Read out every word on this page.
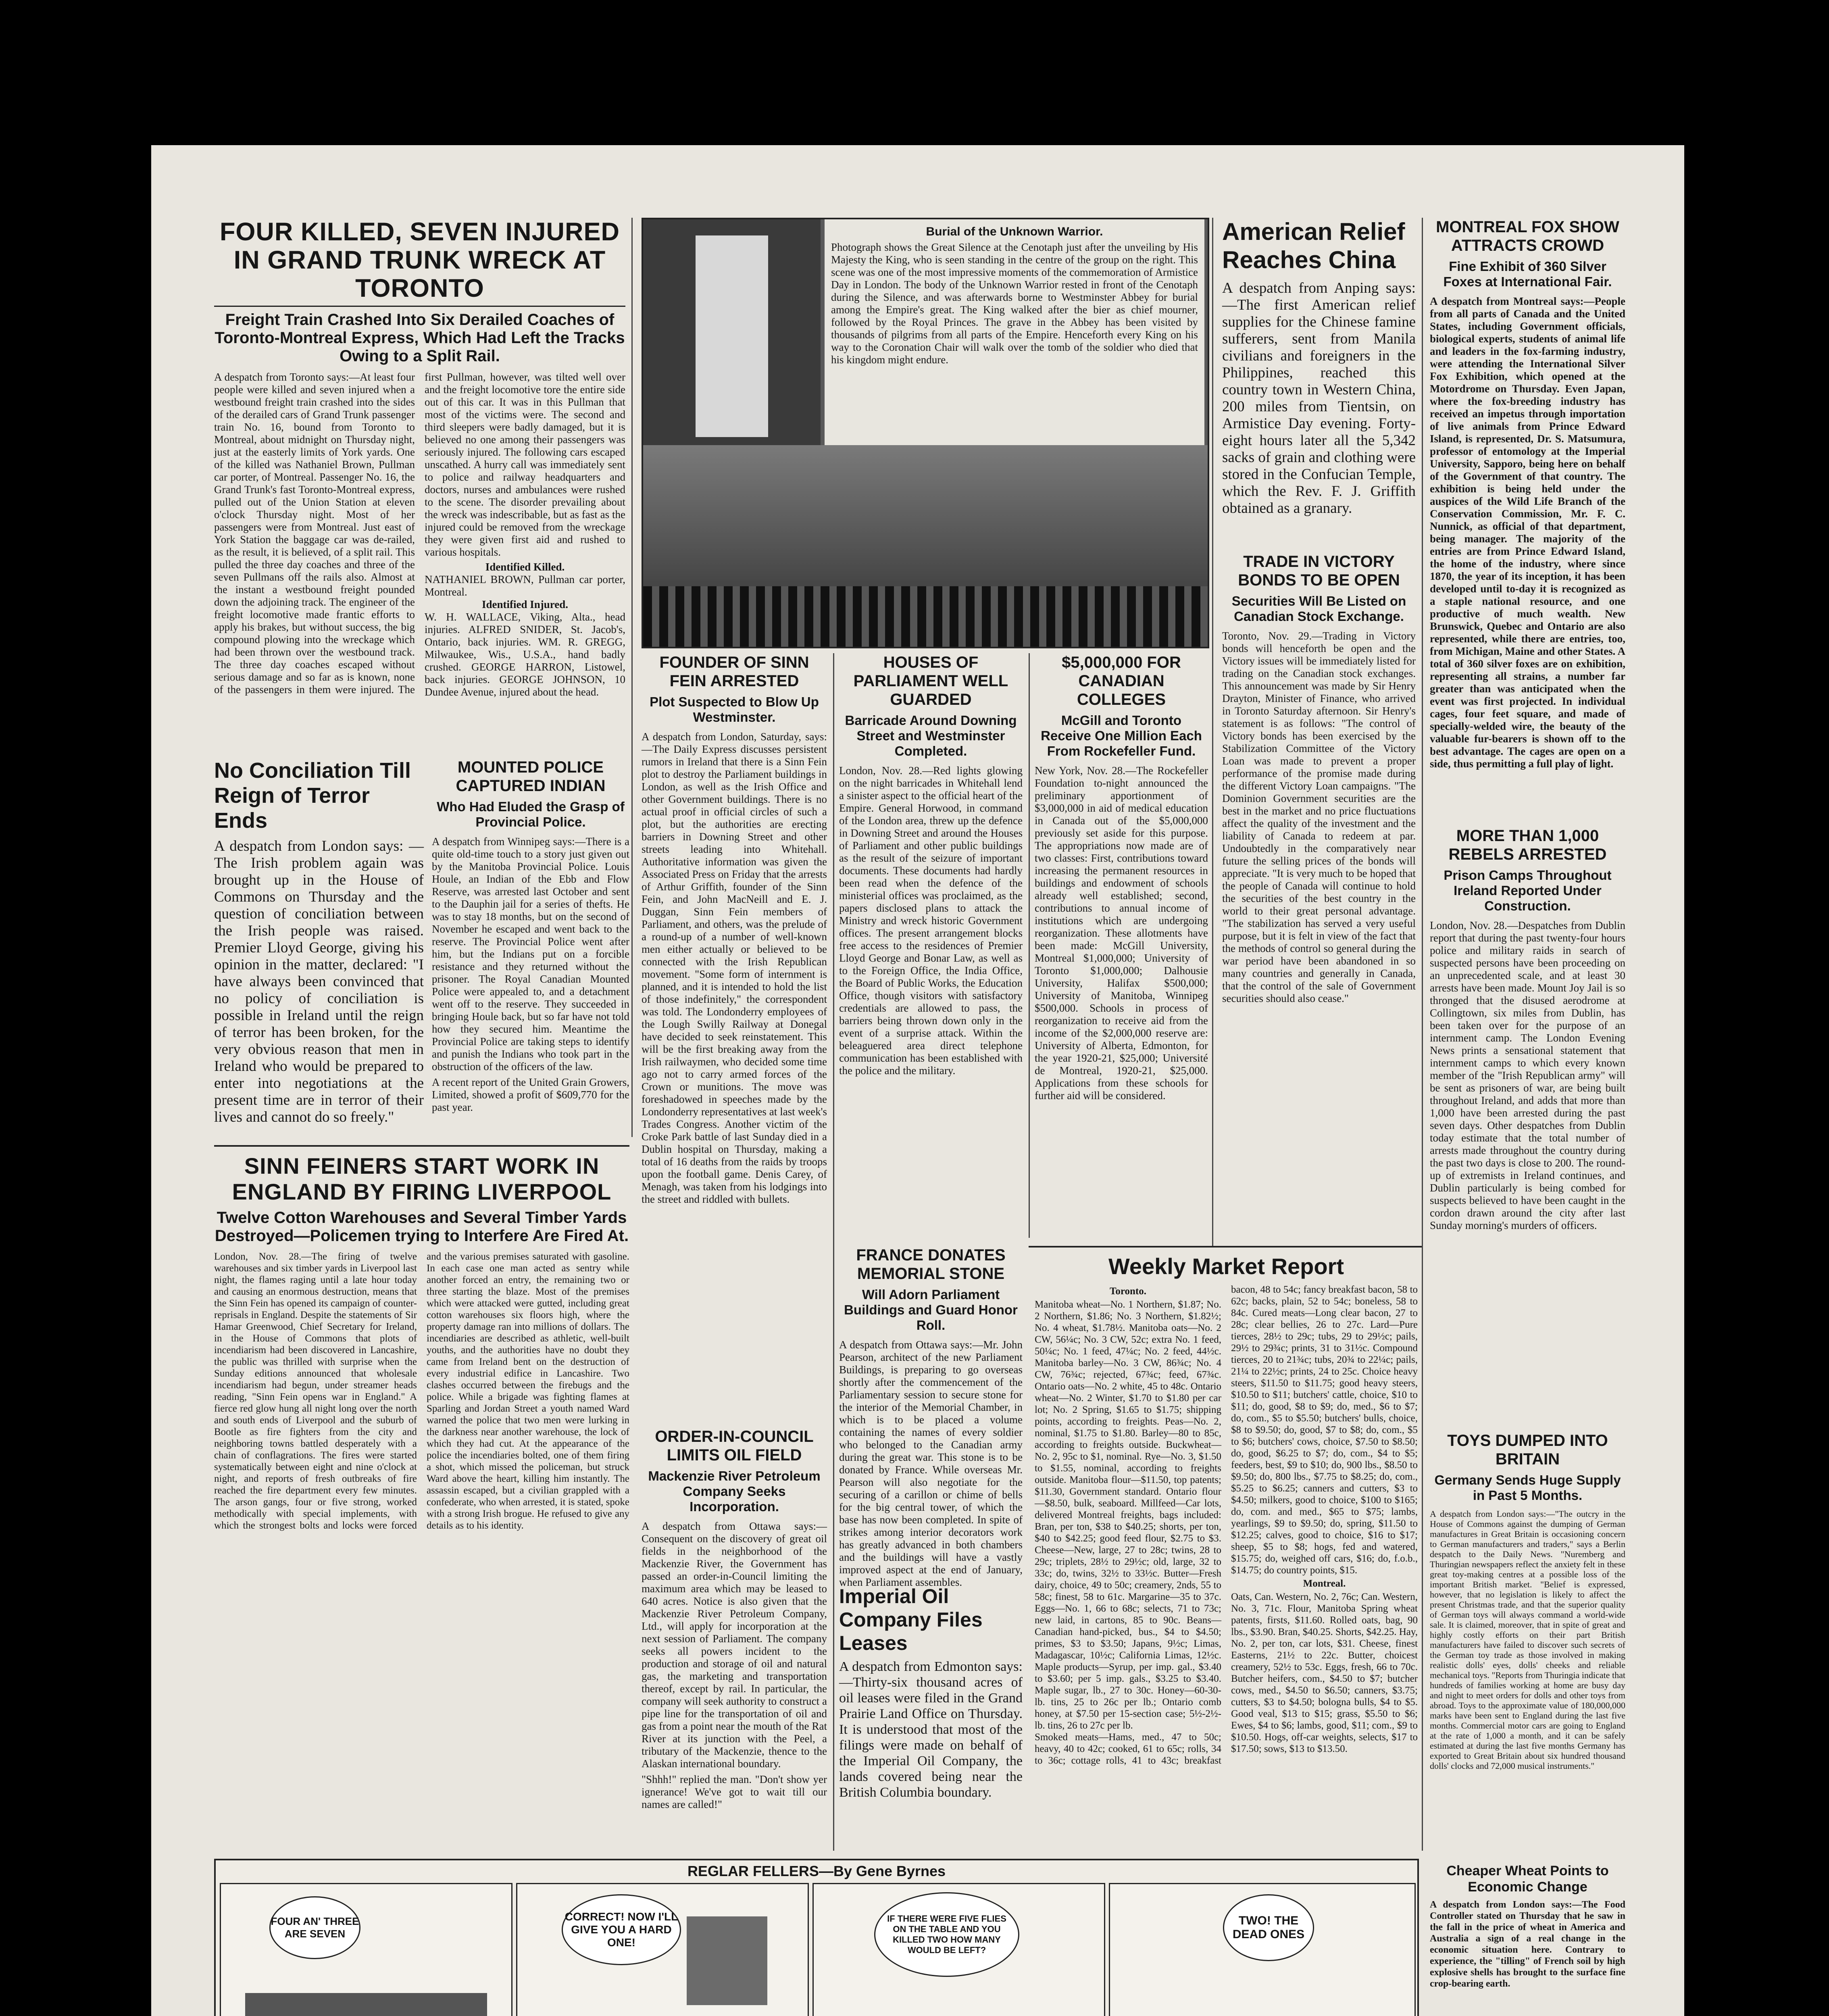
FOUR KILLED, SEVEN INJURED IN GRAND TRUNK WRECK AT TORONTO

Freight Train Crashed Into Six Derailed Coaches of Toronto-Montreal Express, Which Had Left the Tracks Owing to a Split Rail.

A despatch from Toronto says:—At least four people were killed and seven injured when a westbound freight train crashed into the sides of the derailed cars of Grand Trunk passenger train No. 16, bound from Toronto to Montreal, about midnight on Thursday night, just at the easterly limits of York yards. One of the killed was Nathaniel Brown, Pullman car porter, of Montreal. Passenger No. 16, the Grand Trunk's fast Toronto-Montreal express, pulled out of the Union Station at eleven o'clock Thursday night. Most of her passengers were from Montreal. Just east of York Station the baggage car was de-railed, as the result, it is believed, of a split rail. This pulled the three day coaches and three of the seven Pullmans off the rails also. Almost at the instant a westbound freight pounded down the adjoining track. The engineer of the freight locomotive made frantic efforts to apply his brakes, but without success, the big compound plowing into the wreckage which had been thrown over the westbound track. The three day coaches escaped without serious damage and so far as is known, none of the passengers in them were injured. The first Pullman, however, was tilted well over and the freight locomotive tore the entire side out of this car. It was in this Pullman that most of the victims were. The second and third sleepers were badly damaged, but it is believed no one among their passengers was seriously injured. The following cars escaped unscathed. A hurry call was immediately sent to police and railway headquarters and doctors, nurses and ambulances were rushed to the scene. The disorder prevailing about the wreck was indescribable, but as fast as the injured could be removed from the wreckage they were given first aid and rushed to various hospitals.

Identified Killed.

NATHANIEL BROWN, Pullman car porter, Montreal.

Identified Injured.

W. H. WALLACE, Viking, Alta., head injuries. ALFRED SNIDER, St. Jacob's, Ontario, back injuries. WM. R. GREGG, Milwaukee, Wis., U.S.A., hand badly crushed. GEORGE HARRON, Listowel, back injuries. GEORGE JOHNSON, 10 Dundee Avenue, injured about the head.

Burial of the Unknown Warrior.

Photograph shows the Great Silence at the Cenotaph just after the unveiling by His Majesty the King, who is seen standing in the centre of the group on the right. This scene was one of the most impressive moments of the commemoration of Armistice Day in London. The body of the Unknown Warrior rested in front of the Cenotaph during the Silence, and was afterwards borne to Westminster Abbey for burial among the Empire's great. The King walked after the bier as chief mourner, followed by the Royal Princes. The grave in the Abbey has been visited by thousands of pilgrims from all parts of the Empire. Henceforth every King on his way to the Coronation Chair will walk over the tomb of the soldier who died that his kingdom might endure.

American Relief Reaches China

A despatch from Anping says:—The first American relief supplies for the Chinese famine sufferers, sent from Manila civilians and foreigners in the Philippines, reached this country town in Western China, 200 miles from Tientsin, on Armistice Day evening. Forty-eight hours later all the 5,342 sacks of grain and clothing were stored in the Confucian Temple, which the Rev. F. J. Griffith obtained as a granary.

TRADE IN VICTORY BONDS TO BE OPEN

Securities Will Be Listed on Canadian Stock Exchange.

Toronto, Nov. 29.—Trading in Victory bonds will henceforth be open and the Victory issues will be immediately listed for trading on the Canadian stock exchanges. This announcement was made by Sir Henry Drayton, Minister of Finance, who arrived in Toronto Saturday afternoon. Sir Henry's statement is as follows: "The control of Victory bonds has been exercised by the Stabilization Committee of the Victory Loan was made to prevent a proper performance of the promise made during the different Victory Loan campaigns. "The Dominion Government securities are the best in the market and no price fluctuations affect the quality of the investment and the liability of Canada to redeem at par. Undoubtedly in the comparatively near future the selling prices of the bonds will appreciate. "It is very much to be hoped that the people of Canada will continue to hold the securities of the best country in the world to their great personal advantage. "The stabilization has served a very useful purpose, but it is felt in view of the fact that the methods of control so general during the war period have been abandoned in so many countries and generally in Canada, that the control of the sale of Government securities should also cease."

MONTREAL FOX SHOW ATTRACTS CROWD

Fine Exhibit of 360 Silver Foxes at International Fair.

A despatch from Montreal says:—People from all parts of Canada and the United States, including Government officials, biological experts, students of animal life and leaders in the fox-farming industry, were attending the International Silver Fox Exhibition, which opened at the Motordrome on Thursday. Even Japan, where the fox-breeding industry has received an impetus through importation of live animals from Prince Edward Island, is represented, Dr. S. Matsumura, professor of entomology at the Imperial University, Sapporo, being here on behalf of the Government of that country. The exhibition is being held under the auspices of the Wild Life Branch of the Conservation Commission, Mr. F. C. Nunnick, as official of that department, being manager. The majority of the entries are from Prince Edward Island, the home of the industry, where since 1870, the year of its inception, it has been developed until to-day it is recognized as a staple national resource, and one productive of much wealth. New Brunswick, Quebec and Ontario are also represented, while there are entries, too, from Michigan, Maine and other States. A total of 360 silver foxes are on exhibition, representing all strains, a number far greater than was anticipated when the event was first projected. In individual cages, four feet square, and made of specially-welded wire, the beauty of the valuable fur-bearers is shown off to the best advantage. The cages are open on a side, thus permitting a full play of light.

MORE THAN 1,000 REBELS ARRESTED

Prison Camps Throughout Ireland Reported Under Construction.

London, Nov. 28.—Despatches from Dublin report that during the past twenty-four hours police and military raids in search of suspected persons have been proceeding on an unprecedented scale, and at least 30 arrests have been made. Mount Joy Jail is so thronged that the disused aerodrome at Collingtown, six miles from Dublin, has been taken over for the purpose of an internment camp. The London Evening News prints a sensational statement that internment camps to which every known member of the "Irish Republican army" will be sent as prisoners of war, are being built throughout Ireland, and adds that more than 1,000 have been arrested during the past seven days. Other despatches from Dublin today estimate that the total number of arrests made throughout the country during the past two days is close to 200. The round-up of extremists in Ireland continues, and Dublin particularly is being combed for suspects believed to have been caught in the cordon drawn around the city after last Sunday morning's murders of officers.

TOYS DUMPED INTO BRITAIN

Germany Sends Huge Supply in Past 5 Months.

A despatch from London says:—"The outcry in the House of Commons against the dumping of German manufactures in Great Britain is occasioning concern to German manufacturers and traders," says a Berlin despatch to the Daily News. "Nuremberg and Thuringian newspapers reflect the anxiety felt in these great toy-making centres at a possible loss of the important British market. "Belief is expressed, however, that no legislation is likely to affect the present Christmas trade, and that the superior quality of German toys will always command a world-wide sale. It is claimed, moreover, that in spite of great and highly costly efforts on their part British manufacturers have failed to discover such secrets of the German toy trade as those involved in making realistic dolls' eyes, dolls' cheeks and reliable mechanical toys. "Reports from Thuringia indicate that hundreds of families working at home are busy day and night to meet orders for dolls and other toys from abroad. Toys to the approximate value of 180,000,000 marks have been sent to England during the last five months. Commercial motor cars are going to England at the rate of 1,000 a month, and it can be safely estimated at during the last five months Germany has exported to Great Britain about six hundred thousand dolls' clocks and 72,000 musical instruments."

Cheaper Wheat Points to Economic Change

A despatch from London says:—The Food Controller stated on Thursday that he saw in the fall in the price of wheat in America and Australia a sign of a real change in the economic situation here. Contrary to experience, the "tilling" of French soil by high explosive shells has brought to the surface fine crop-bearing earth.

No Conciliation Till Reign of Terror Ends

A despatch from London says: — The Irish problem again was brought up in the House of Commons on Thursday and the question of conciliation between the Irish people was raised. Premier Lloyd George, giving his opinion in the matter, declared: "I have always been convinced that no policy of conciliation is possible in Ireland until the reign of terror has been broken, for the very obvious reason that men in Ireland who would be prepared to enter into negotiations at the present time are in terror of their lives and cannot do so freely."

MOUNTED POLICE CAPTURED INDIAN

Who Had Eluded the Grasp of Provincial Police.

A despatch from Winnipeg says:—There is a quite old-time touch to a story just given out by the Manitoba Provincial Police. Louis Houle, an Indian of the Ebb and Flow Reserve, was arrested last October and sent to the Dauphin jail for a series of thefts. He was to stay 18 months, but on the second of November he escaped and went back to the reserve. The Provincial Police went after him, but the Indians put on a forcible resistance and they returned without the prisoner. The Royal Canadian Mounted Police were appealed to, and a detachment went off to the reserve. They succeeded in bringing Houle back, but so far have not told how they secured him. Meantime the Provincial Police are taking steps to identify and punish the Indians who took part in the obstruction of the officers of the law.

A recent report of the United Grain Growers, Limited, showed a profit of $609,770 for the past year.

SINN FEINERS START WORK IN ENGLAND BY FIRING LIVERPOOL

Twelve Cotton Warehouses and Several Timber Yards Destroyed—Policemen trying to Interfere Are Fired At.

London, Nov. 28.—The firing of twelve warehouses and six timber yards in Liverpool last night, the flames raging until a late hour today and causing an enormous destruction, means that the Sinn Fein has opened its campaign of counter-reprisals in England. Despite the statements of Sir Hamar Greenwood, Chief Secretary for Ireland, in the House of Commons that plots of incendiarism had been discovered in Lancashire, the public was thrilled with surprise when the Sunday editions announced that wholesale incendiarism had begun, under streamer heads reading, "Sinn Fein opens war in England." A fierce red glow hung all night long over the north and south ends of Liverpool and the suburb of Bootle as fire fighters from the city and neighboring towns battled desperately with a chain of conflagrations. The fires were started systematically between eight and nine o'clock at night, and reports of fresh outbreaks of fire reached the fire department every few minutes. The arson gangs, four or five strong, worked methodically with special implements, with which the strongest bolts and locks were forced and the various premises saturated with gasoline. In each case one man acted as sentry while another forced an entry, the remaining two or three starting the blaze. Most of the premises which were attacked were gutted, including great cotton warehouses six floors high, where the property damage ran into millions of dollars. The incendiaries are described as athletic, well-built youths, and the authorities have no doubt they came from Ireland bent on the destruction of every industrial edifice in Lancashire. Two clashes occurred between the firebugs and the police. While a brigade was fighting flames at Sparling and Jordan Street a youth named Ward warned the police that two men were lurking in the darkness near another warehouse, the lock of which they had cut. At the appearance of the police the incendiaries bolted, one of them firing a shot, which missed the policeman, but struck Ward above the heart, killing him instantly. The assassin escaped, but a civilian grappled with a confederate, who when arrested, it is stated, spoke with a strong Irish brogue. He refused to give any details as to his identity.

FOUNDER OF SINN FEIN ARRESTED

Plot Suspected to Blow Up Westminster.

A despatch from London, Saturday, says:—The Daily Express discusses persistent rumors in Ireland that there is a Sinn Fein plot to destroy the Parliament buildings in London, as well as the Irish Office and other Government buildings. There is no actual proof in official circles of such a plot, but the authorities are erecting barriers in Downing Street and other streets leading into Whitehall. Authoritative information was given the Associated Press on Friday that the arrests of Arthur Griffith, founder of the Sinn Fein, and John MacNeill and E. J. Duggan, Sinn Fein members of Parliament, and others, was the prelude of a round-up of a number of well-known men either actually or believed to be connected with the Irish Republican movement. "Some form of internment is planned, and it is intended to hold the list of those indefinitely," the correspondent was told. The Londonderry employees of the Lough Swilly Railway at Donegal have decided to seek reinstatement. This will be the first breaking away from the Irish railwaymen, who decided some time ago not to carry armed forces of the Crown or munitions. The move was foreshadowed in speeches made by the Londonderry representatives at last week's Trades Congress. Another victim of the Croke Park battle of last Sunday died in a Dublin hospital on Thursday, making a total of 16 deaths from the raids by troops upon the football game. Denis Carey, of Menagh, was taken from his lodgings into the street and riddled with bullets.

ORDER-IN-COUNCIL LIMITS OIL FIELD

Mackenzie River Petroleum Company Seeks Incorporation.

A despatch from Ottawa says:—Consequent on the discovery of great oil fields in the neighborhood of the Mackenzie River, the Government has passed an order-in-Council limiting the maximum area which may be leased to 640 acres. Notice is also given that the Mackenzie River Petroleum Company, Ltd., will apply for incorporation at the next session of Parliament. The company seeks all powers incident to the production and storage of oil and natural gas, the marketing and transportation thereof, except by rail. In particular, the company will seek authority to construct a pipe line for the transportation of oil and gas from a point near the mouth of the Rat River at its junction with the Peel, a tributary of the Mackenzie, thence to the Alaskan international boundary.

"Shhh!" replied the man. "Don't show yer ignerance! We've got to wait till our names are called!"

HOUSES OF PARLIAMENT WELL GUARDED

Barricade Around Downing Street and Westminster Completed.

London, Nov. 28.—Red lights glowing on the night barricades in Whitehall lend a sinister aspect to the official heart of the Empire. General Horwood, in command of the London area, threw up the defence in Downing Street and around the Houses of Parliament and other public buildings as the result of the seizure of important documents. These documents had hardly been read when the defence of the ministerial offices was proclaimed, as the papers disclosed plans to attack the Ministry and wreck historic Government offices. The present arrangement blocks free access to the residences of Premier Lloyd George and Bonar Law, as well as to the Foreign Office, the India Office, the Board of Public Works, the Education Office, though visitors with satisfactory credentials are allowed to pass, the barriers being thrown down only in the event of a surprise attack. Within the beleaguered area direct telephone communication has been established with the police and the military.

FRANCE DONATES MEMORIAL STONE

Will Adorn Parliament Buildings and Guard Honor Roll.

A despatch from Ottawa says:—Mr. John Pearson, architect of the new Parliament Buildings, is preparing to go overseas shortly after the commencement of the Parliamentary session to secure stone for the interior of the Memorial Chamber, in which is to be placed a volume containing the names of every soldier who belonged to the Canadian army during the great war. This stone is to be donated by France. While overseas Mr. Pearson will also negotiate for the securing of a carillon or chime of bells for the big central tower, of which the base has now been completed. In spite of strikes among interior decorators work has greatly advanced in both chambers and the buildings will have a vastly improved aspect at the end of January, when Parliament assembles.

Imperial Oil Company Files Leases

A despatch from Edmonton says:—Thirty-six thousand acres of oil leases were filed in the Grand Prairie Land Office on Thursday. It is understood that most of the filings were made on behalf of the Imperial Oil Company, the lands covered being near the British Columbia boundary.

$5,000,000 FOR CANADIAN COLLEGES

McGill and Toronto Receive One Million Each From Rockefeller Fund.

New York, Nov. 28.—The Rockefeller Foundation to-night announced the preliminary apportionment of $3,000,000 in aid of medical education in Canada out of the $5,000,000 previously set aside for this purpose. The appropriations now made are of two classes: First, contributions toward increasing the permanent resources in buildings and endowment of schools already well established; second, contributions to annual income of institutions which are undergoing reorganization. These allotments have been made: McGill University, Montreal $1,000,000; University of Toronto $1,000,000; Dalhousie University, Halifax $500,000; University of Manitoba, Winnipeg $500,000. Schools in process of reorganization to receive aid from the income of the $2,000,000 reserve are: University of Alberta, Edmonton, for the year 1920-21, $25,000; Université de Montreal, 1920-21, $25,000. Applications from these schools for further aid will be considered.

Weekly Market Report

Toronto.

Manitoba wheat—No. 1 Northern, $1.87; No. 2 Northern, $1.86; No. 3 Northern, $1.82½; No. 4 wheat, $1.78½. Manitoba oats—No. 2 CW, 56¼c; No. 3 CW, 52c; extra No. 1 feed, 50¼c; No. 1 feed, 47¼c; No. 2 feed, 44½c. Manitoba barley—No. 3 CW, 86¾c; No. 4 CW, 76¾c; rejected, 67¾c; feed, 67¾c. Ontario oats—No. 2 white, 45 to 48c. Ontario wheat—No. 2 Winter, $1.70 to $1.80 per car lot; No. 2 Spring, $1.65 to $1.75; shipping points, according to freights. Peas—No. 2, nominal, $1.75 to $1.80. Barley—80 to 85c, according to freights outside. Buckwheat—No. 2, 95c to $1, nominal. Rye—No. 3, $1.50 to $1.55, nominal, according to freights outside. Manitoba flour—$11.50, top patents; $11.30, Government standard. Ontario flour—$8.50, bulk, seaboard. Millfeed—Car lots, delivered Montreal freights, bags included: Bran, per ton, $38 to $40.25; shorts, per ton, $40 to $42.25; good feed flour, $2.75 to $3. Cheese—New, large, 27 to 28c; twins, 28 to 29c; triplets, 28½ to 29½c; old, large, 32 to 33c; do, twins, 32½ to 33½c. Butter—Fresh dairy, choice, 49 to 50c; creamery, 2nds, 55 to 58c; finest, 58 to 61c. Margarine—35 to 37c. Eggs—No. 1, 66 to 68c; selects, 71 to 73c; new laid, in cartons, 85 to 90c. Beans—Canadian hand-picked, bus., $4 to $4.50; primes, $3 to $3.50; Japans, 9½c; Limas, Madagascar, 10½c; California Limas, 12½c. Maple products—Syrup, per imp. gal., $3.40 to $3.60; per 5 imp. gals., $3.25 to $3.40. Maple sugar, lb., 27 to 30c. Honey—60-30-lb. tins, 25 to 26c per lb.; Ontario comb honey, at $7.50 per 15-section case; 5½-2½-lb. tins, 26 to 27c per lb.

Smoked meats—Hams, med., 47 to 50c; heavy, 40 to 42c; cooked, 61 to 65c; rolls, 34 to 36c; cottage rolls, 41 to 43c; breakfast bacon, 48 to 54c; fancy breakfast bacon, 58 to 62c; backs, plain, 52 to 54c; boneless, 58 to 84c. Cured meats—Long clear bacon, 27 to 28c; clear bellies, 26 to 27c. Lard—Pure tierces, 28½ to 29c; tubs, 29 to 29½c; pails, 29½ to 29¾c; prints, 31 to 31½c. Compound tierces, 20 to 21¾c; tubs, 20¾ to 22¼c; pails, 21¼ to 22½c; prints, 24 to 25c. Choice heavy steers, $11.50 to $11.75; good heavy steers, $10.50 to $11; butchers' cattle, choice, $10 to $11; do, good, $8 to $9; do, med., $6 to $7; do, com., $5 to $5.50; butchers' bulls, choice, $8 to $9.50; do, good, $7 to $8; do, com., $5 to $6; butchers' cows, choice, $7.50 to $8.50; do, good, $6.25 to $7; do, com., $4 to $5; feeders, best, $9 to $10; do, 900 lbs., $8.50 to $9.50; do, 800 lbs., $7.75 to $8.25; do, com., $5.25 to $6.25; canners and cutters, $3 to $4.50; milkers, good to choice, $100 to $165; do, com. and med., $65 to $75; lambs, yearlings, $9 to $9.50; do, spring, $11.50 to $12.25; calves, good to choice, $16 to $17; sheep, $5 to $8; hogs, fed and watered, $15.75; do, weighed off cars, $16; do, f.o.b., $14.75; do country points, $15.

Montreal.

Oats, Can. Western, No. 2, 76c; Can. Western, No. 3, 71c. Flour, Manitoba Spring wheat patents, firsts, $11.60. Rolled oats, bag, 90 lbs., $3.90. Bran, $40.25. Shorts, $42.25. Hay, No. 2, per ton, car lots, $31. Cheese, finest Easterns, 21½ to 22c. Butter, choicest creamery, 52½ to 53c. Eggs, fresh, 66 to 70c. Butcher heifers, com., $4.50 to $7; butcher cows, med., $4.50 to $6.50; canners, $3.75; cutters, $3 to $4.50; bologna bulls, $4 to $5. Good veal, $13 to $15; grass, $5.50 to $6; Ewes, $4 to $6; lambs, good, $11; com., $9 to $10.50. Hogs, off-car weights, selects, $17 to $17.50; sows, $13 to $13.50.

REGLAR FELLERS—By Gene Byrnes
FOUR AN' THREE ARE SEVEN
CORRECT! NOW I'LL GIVE YOU A HARD ONE!
IF THERE WERE FIVE FLIES ON THE TABLE AND YOU KILLED TWO HOW MANY WOULD BE LEFT?
TWO! THE DEAD ONES
